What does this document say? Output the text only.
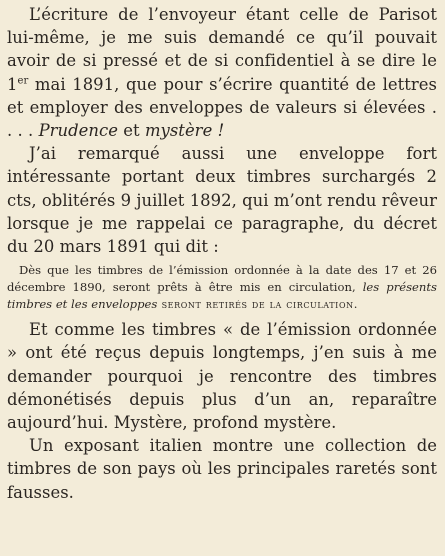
L’écriture de l’envoyeur étant celle de Parisot lui-même, je me suis demandé ce qu’il pouvait avoir de si pressé et de si confidentiel à se dire le 1er mai 1891, que pour s’écrire quantité de lettres et employer des enveloppes de valeurs si élevées . . . . Prudence et mystère !

J’ai remarqué aussi une enveloppe fort intéressante portant deux timbres surchargés 2 cts, oblitérés 9 juillet 1892, qui m’ont rendu rêveur lorsque je me rappelai ce paragraphe, du décret du 20 mars 1891 qui dit :

Dès que les timbres de l’émission ordonnée à la date des 17 et 26 décembre 1890, seront prêts à être mis en circulation, les présents timbres et les enveloppes seront retirés de la circulation.

Et comme les timbres « de l’émission ordonnée » ont été reçus depuis longtemps, j’en suis à me demander pourquoi je rencontre des timbres démonétisés depuis plus d’un an, reparaître aujourd’hui. Mystère, profond mystère.

Un exposant italien montre une collection de timbres de son pays où les principales raretés sont fausses.
